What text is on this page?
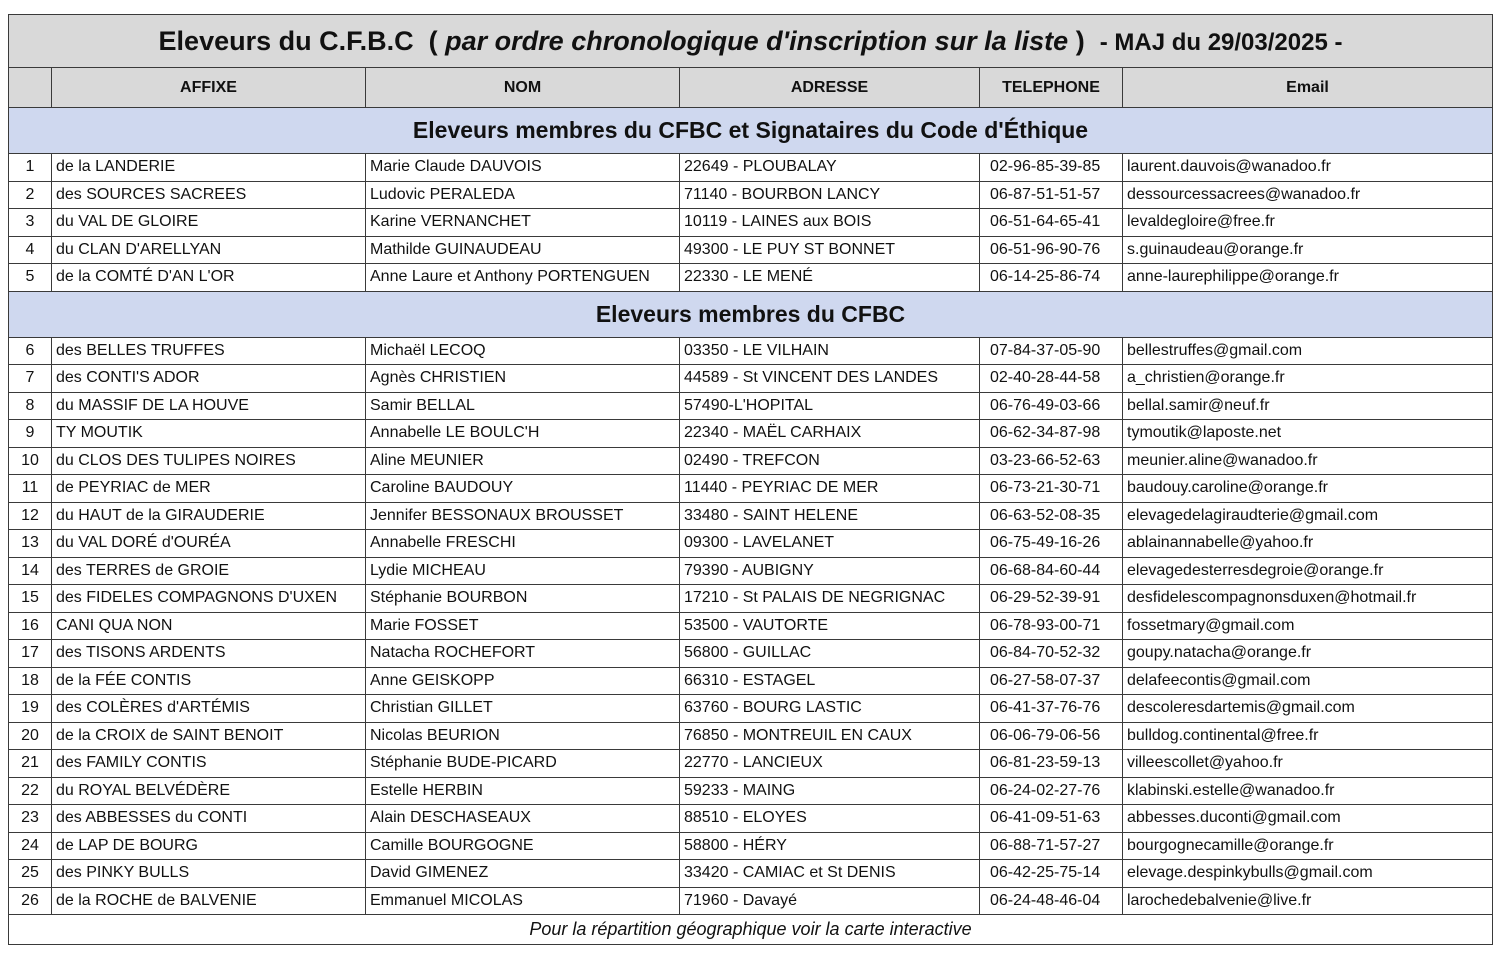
Eleveurs du C.F.B.C ( par ordre chronologique d'inscription sur la liste ) - MAJ du 29/03/2025 -					
	AFFIXE	NOM	ADRESSE	TELEPHONE	Email
Eleveurs membres du CFBC et Signataires du Code d'Éthique					
1	de la LANDERIE	Marie Claude DAUVOIS	22649 - PLOUBALAY	02-96-85-39-85	laurent.dauvois@wanadoo.fr
2	des SOURCES SACREES	Ludovic PERALEDA	71140 - BOURBON LANCY	06-87-51-51-57	dessourcessacrees@wanadoo.fr
3	du VAL DE GLOIRE	Karine VERNANCHET	10119 - LAINES aux BOIS	06-51-64-65-41	levaldegloire@free.fr
4	du CLAN D'ARELLYAN	Mathilde GUINAUDEAU	49300 - LE PUY ST BONNET	06-51-96-90-76	s.guinaudeau@orange.fr
5	de la COMTÉ D'AN L'OR	Anne Laure et Anthony PORTENGUEN	22330 - LE MENÉ	06-14-25-86-74	anne-laurephilippe@orange.fr
Eleveurs membres du CFBC					
6	des BELLES TRUFFES	Michaël LECOQ	03350 - LE VILHAIN	07-84-37-05-90	bellestruffes@gmail.com
7	des CONTI'S ADOR	Agnès CHRISTIEN	44589 - St VINCENT DES LANDES	02-40-28-44-58	a_christien@orange.fr
8	du MASSIF DE LA HOUVE	Samir BELLAL	57490-L'HOPITAL	06-76-49-03-66	bellal.samir@neuf.fr
9	TY MOUTIK	Annabelle LE BOULC'H	22340 - MAËL CARHAIX	06-62-34-87-98	tymoutik@laposte.net
10	du CLOS DES TULIPES NOIRES	Aline MEUNIER	02490 - TREFCON	03-23-66-52-63	meunier.aline@wanadoo.fr
11	de PEYRIAC de MER	Caroline BAUDOUY	11440 - PEYRIAC DE MER	06-73-21-30-71	baudouy.caroline@orange.fr
12	du HAUT de la GIRAUDERIE	Jennifer BESSONAUX BROUSSET	33480 - SAINT HELENE	06-63-52-08-35	elevagedelagiraudterie@gmail.com
13	du VAL DORÉ d'OURÉA	Annabelle FRESCHI	09300 - LAVELANET	06-75-49-16-26	ablainannabelle@yahoo.fr
14	des TERRES de GROIE	Lydie MICHEAU	79390 - AUBIGNY	06-68-84-60-44	elevagedesterresdegroie@orange.fr
15	des FIDELES COMPAGNONS D'UXEN	Stéphanie BOURBON	17210 - St PALAIS DE NEGRIGNAC	06-29-52-39-91	desfidelescompagnonsduxen@hotmail.fr
16	CANI QUA NON	Marie FOSSET	53500 - VAUTORTE	06-78-93-00-71	fossetmary@gmail.com
17	des TISONS ARDENTS	Natacha ROCHEFORT	56800 - GUILLAC	06-84-70-52-32	goupy.natacha@orange.fr
18	de la FÉE CONTIS	Anne GEISKOPP	66310 - ESTAGEL	06-27-58-07-37	delafeecontis@gmail.com
19	des COLÈRES d'ARTÉMIS	Christian GILLET	63760 - BOURG LASTIC	06-41-37-76-76	descoleresdartemis@gmail.com
20	de la CROIX de SAINT BENOIT	Nicolas BEURION	76850 - MONTREUIL EN CAUX	06-06-79-06-56	bulldog.continental@free.fr
21	des FAMILY CONTIS	Stéphanie BUDE-PICARD	22770 - LANCIEUX	06-81-23-59-13	villeescollet@yahoo.fr
22	du ROYAL BELVÉDÈRE	Estelle HERBIN	59233 - MAING	06-24-02-27-76	klabinski.estelle@wanadoo.fr
23	des ABBESSES du CONTI	Alain DESCHASEAUX	88510 - ELOYES	06-41-09-51-63	abbesses.duconti@gmail.com
24	de LAP DE BOURG	Camille BOURGOGNE	58800 - HÉRY	06-88-71-57-27	bourgognecamille@orange.fr
25	des PINKY BULLS	David GIMENEZ	33420 - CAMIAC et St DENIS	06-42-25-75-14	elevage.despinkybulls@gmail.com
26	de la ROCHE de BALVENIE	Emmanuel MICOLAS	71960 - Davayé	06-24-48-46-04	larochedebalvenie@live.fr
Pour la répartition géographique voir la carte interactive					
